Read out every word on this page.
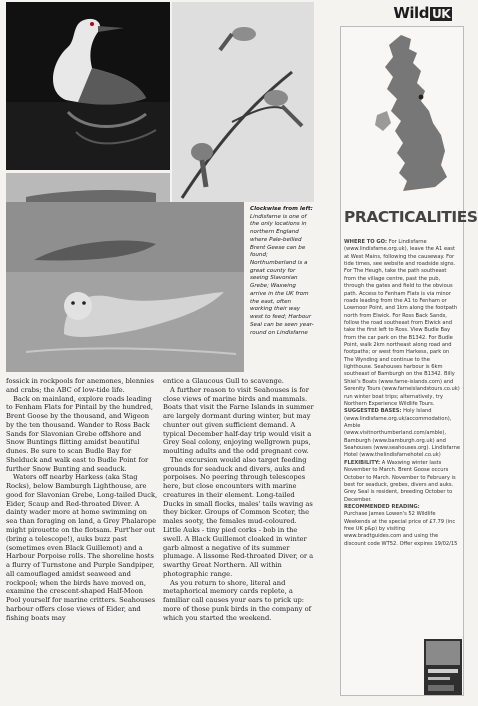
Clockwise from left: Lindisfarne is one of the only locations in northern England where Pale-bellied Brent Geese can be found; Northumberland is a great county for seeing Slavonian Grebe; Waxwing arrive in the UK from the east, often working their way west to feed; Harbour Seal can be seen year-round on Lindisfarne

fossick in rockpools for anemones, blennies and crabs; the ABC of low-tide life.

Back on mainland, explore roads leading to Fenham Flats for Pintail by the hundred, Brent Goose by the thousand, and Wigeon by the ten thousand. Wander to Ross Back Sands for Slavonian Grebe offshore and Snow Buntings flitting amidst beautiful dunes. Be sure to scan Budle Bay for Shelduck and walk east to Budle Point for further Snow Bunting and seaduck.

Waters off nearby Harkess (aka Stag Rocks), below Bamburgh Lighthouse, are good for Slavonian Grebe, Long-tailed Duck, Eider, Scaup and Red-throated Diver. A dainty wader more at home swimming on sea than foraging on land, a Grey Phalarope might pirouette on the flotsam. Furt'her out (bring a telescope!), auks buzz past (sometimes even Black Guillemot) and a Harbour Porpoise rolls. The shoreline hosts a flurry of Turnstone and Purple Sandpiper, all camouflaged amidst seaweed and rockpool; when the birds have moved on, examine the crescent-shaped Half-Moon Pool yourself for marine critters. Seahouses harbour offers close views of Eider, and fishing boats may

entice a Glaucous Gull to scavenge.

A further reason to visit Seahouses is for close views of marine birds and mammals. Boats that visit the Farne Islands in summer are largely dormant during winter, but may chunter out given sufficient demand. A typical December half-day trip would visit a Grey Seal colony, enjoying wellgrown pups, moulting adults and the odd pregnant cow.

The excursion would also target feeding grounds for seaduck and divers, auks and porpoises. No peering through telescopes here, but close encounters with marine creatures in their element. Long-tailed Ducks in small flocks, males' tails waving as they bicker. Groups of Common Scoter, the males sooty, the females mud-coloured. Little Auks - tiny pied corks - bob in the swell. A Black Guillemot cloaked in winter garb almost a negative of its summer plumage. A lissome Red-throated Diver, or a swarthy Great Northern. All within photographic range.

As you return to shore, literal and metaphorical memory cards replete, a familiar call causes your ears to prick up: more of those punk birds in the company of which you started the weekend.

Wild UK
PRACTICALITIES
WHERE TO GO: For Lindisfarne (www.lindisfarne.org.uk), leave the A1 east at West Mains, following the causeway. For tide times, see website and roadside signs. For The Heugh, take the path southeast from the village centre, past the pub, through the gates and field to the obvious path. Access to Fenham Flats is via minor roads leading from the A1 to Fenham or Lowmoor Point, and 1km along the footpath north from Elwick. For Ross Back Sands, follow the road southeast from Elwick and take the first left to Ross. View Budle Bay from the car park on the B1342. For Budle Point, walk 2km northeast along road and footpaths; or west from Harkess, park on The Wynding and continue to the lighthouse. Seahouses harbour is 6km southeast of Bamburgh on the B1342. Billy Shiel's Boats (www.farne-islands.com) and Serenity Tours (www.farneislandstours.co.uk) run winter boat trips; alternatively, try Northern Experience Wildlife Tours. SUGGESTED BASES: Holy Island (www.lindisfarne.org.uk/accommodation), Amble (www.visitnorthumberland.com/amble), Bamburgh (www.bamburgh.org.uk) and Seahouses (www.seahouses.org). Lindisfarne Hotel (www.thelindisfarnehotel.co.uk) FLEXIBILITY: A Waxwing winter lasts November to March. Brent Goose occurs October to March. November to February is best for seaduck, grebes, divers and auks. Grey Seal is resident, breeding October to December.
RECOMMENDED READING:
Purchase James Lowen's 52 Wildlife Weekends at the special price of £7.79 (inc free UK p&p) by visiting www.bradtguides.com and using the discount code WT52. Offer expires 19/02/15
